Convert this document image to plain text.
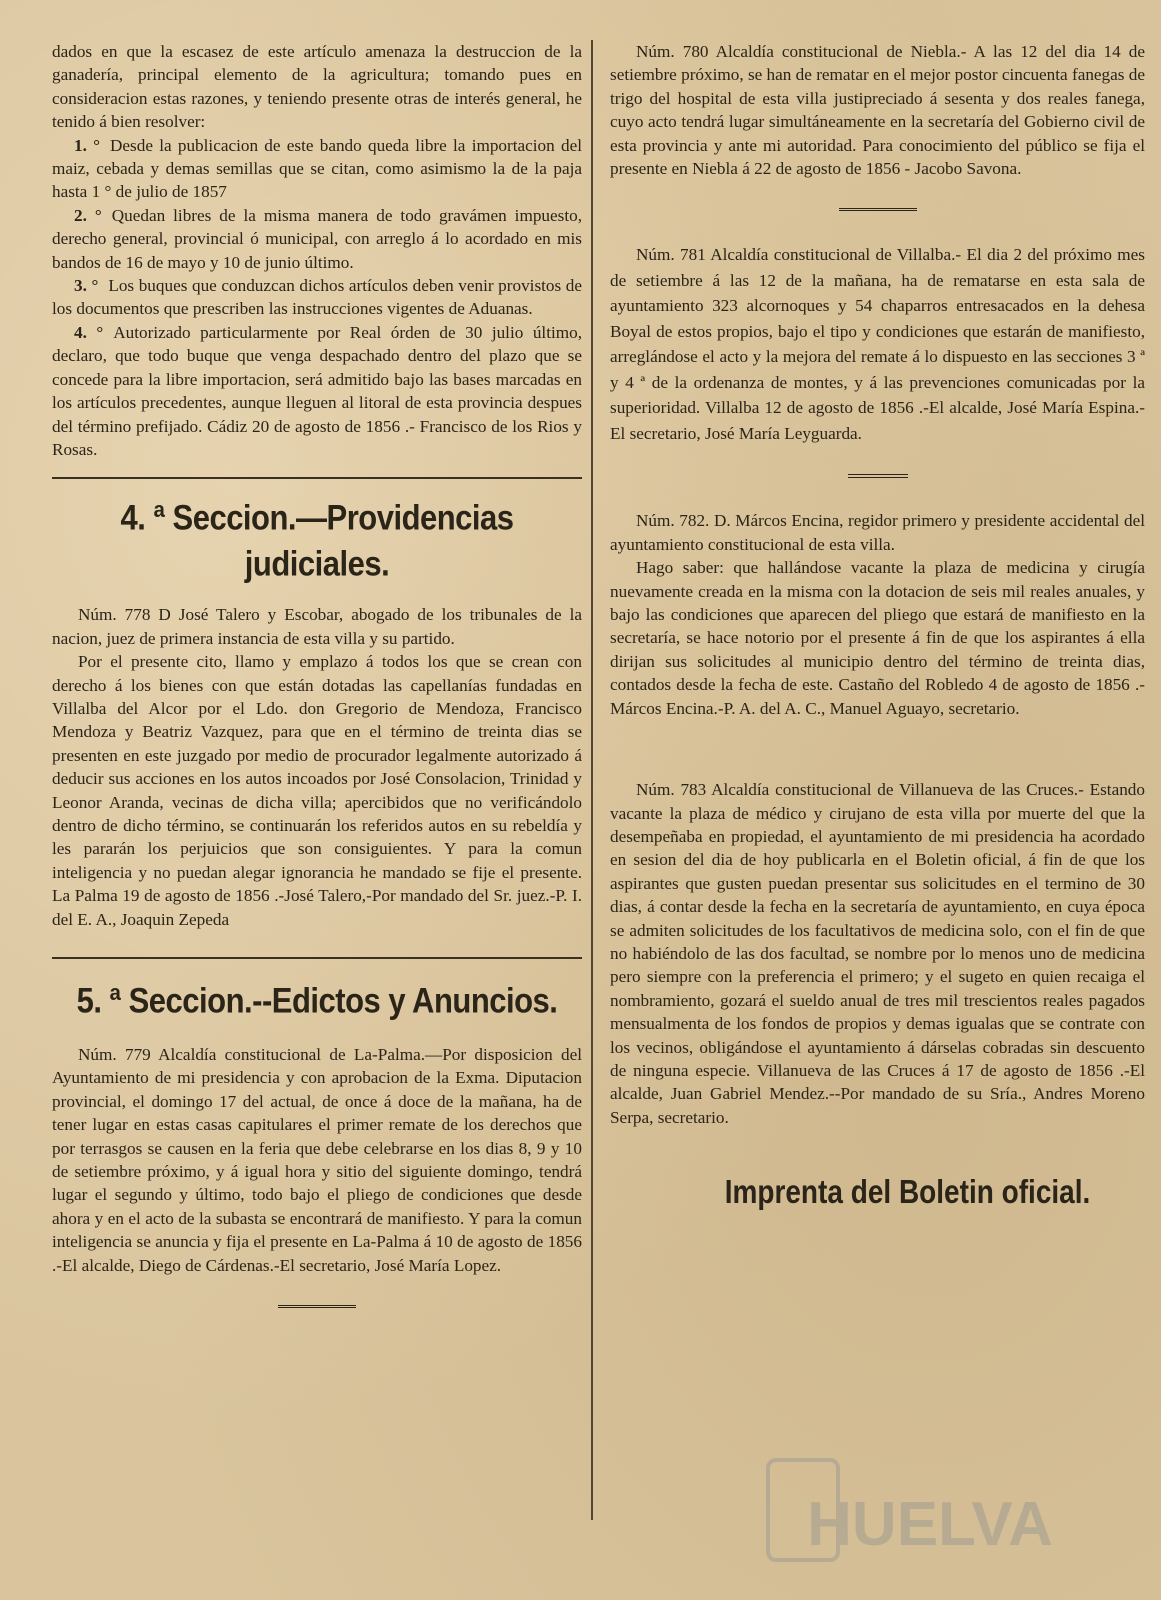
dados en que la escasez de este artículo amenaza la destruccion de la ganadería, principal elemento de la agricultura; tomando pues en consideracion estas razones, y teniendo presente otras de interés general, he tenido á bien resolver:

1. ° Desde la publicacion de este bando queda libre la importacion del maiz, cebada y demas semillas que se citan, como asimismo la de la paja hasta 1 ° de julio de 1857

2. ° Quedan libres de la misma manera de todo gravámen impuesto, derecho general, provincial ó municipal, con arreglo á lo acordado en mis bandos de 16 de mayo y 10 de junio último.

3. ° Los buques que conduzcan dichos artículos deben venir provistos de los documentos que prescriben las instrucciones vigentes de Aduanas.

4. ° Autorizado particularmente por Real órden de 30 julio último, declaro, que todo buque que venga despachado dentro del plazo que se concede para la libre importacion, será admitido bajo las bases marcadas en los artículos precedentes, aunque lleguen al litoral de esta provincia despues del término prefijado. Cádiz 20 de agosto de 1856 .- Francisco de los Rios y Rosas.

4. ª Seccion.—Providencias judiciales.

Núm. 778 D José Talero y Escobar, abogado de los tribunales de la nacion, juez de primera instancia de esta villa y su partido.

Por el presente cito, llamo y emplazo á todos los que se crean con derecho á los bienes con que están dotadas las capellanías fundadas en Villalba del Alcor por el Ldo. don Gregorio de Mendoza, Francisco Mendoza y Beatriz Vazquez, para que en el término de treinta dias se presenten en este juzgado por medio de procurador legalmente autorizado á deducir sus acciones en los autos incoados por José Consolacion, Trinidad y Leonor Aranda, vecinas de dicha villa; apercibidos que no verificándolo dentro de dicho término, se continuarán los referidos autos en su rebeldía y les pararán los perjuicios que son consiguientes. Y para la comun inteligencia y no puedan alegar ignorancia he mandado se fije el presente. La Palma 19 de agosto de 1856 .-José Talero,-Por mandado del Sr. juez.-P. I. del E. A., Joaquin Zepeda

5. ª Seccion.--Edictos y Anuncios.

Núm. 779 Alcaldía constitucional de La-Palma.—Por disposicion del Ayuntamiento de mi presidencia y con aprobacion de la Exma. Diputacion provincial, el domingo 17 del actual, de once á doce de la mañana, ha de tener lugar en estas casas capitulares el primer remate de los derechos que por terrasgos se causen en la feria que debe celebrarse en los dias 8, 9 y 10 de setiembre próximo, y á igual hora y sitio del siguiente domingo, tendrá lugar el segundo y último, todo bajo el pliego de condiciones que desde ahora y en el acto de la subasta se encontrará de manifiesto. Y para la comun inteligencia se anuncia y fija el presente en La-Palma á 10 de agosto de 1856 .-El alcalde, Diego de Cárdenas.-El secretario, José María Lopez.

Núm. 780 Alcaldía constitucional de Niebla.- A las 12 del dia 14 de setiembre próximo, se han de rematar en el mejor postor cincuenta fanegas de trigo del hospital de esta villa justipreciado á sesenta y dos reales fanega, cuyo acto tendrá lugar simultáneamente en la secretaría del Gobierno civil de esta provincia y ante mi autoridad. Para conocimiento del público se fija el presente en Niebla á 22 de agosto de 1856 - Jacobo Savona.

Núm. 781 Alcaldía constitucional de Villalba.- El dia 2 del próximo mes de setiembre á las 12 de la mañana, ha de rematarse en esta sala de ayuntamiento 323 alcornoques y 54 chaparros entresacados en la dehesa Boyal de estos propios, bajo el tipo y condiciones que estarán de manifiesto, arreglándose el acto y la mejora del remate á lo dispuesto en las secciones 3 ª y 4 ª de la ordenanza de montes, y á las prevenciones comunicadas por la superioridad. Villalba 12 de agosto de 1856 .-El alcalde, José María Espina.-El secretario, José María Leyguarda.

Núm. 782. D. Márcos Encina, regidor primero y presidente accidental del ayuntamiento constitucional de esta villa.

Hago saber: que hallándose vacante la plaza de medicina y cirugía nuevamente creada en la misma con la dotacion de seis mil reales anuales, y bajo las condiciones que aparecen del pliego que estará de manifiesto en la secretaría, se hace notorio por el presente á fin de que los aspirantes á ella dirijan sus solicitudes al municipio dentro del término de treinta dias, contados desde la fecha de este. Castaño del Robledo 4 de agosto de 1856 .-Márcos Encina.-P. A. del A. C., Manuel Aguayo, secretario.

Núm. 783 Alcaldía constitucional de Villanueva de las Cruces.- Estando vacante la plaza de médico y cirujano de esta villa por muerte del que la desempeñaba en propiedad, el ayuntamiento de mi presidencia ha acordado en sesion del dia de hoy publicarla en el Boletin oficial, á fin de que los aspirantes que gusten puedan presentar sus solicitudes en el termino de 30 dias, á contar desde la fecha en la secretaría de ayuntamiento, en cuya época se admiten solicitudes de los facultativos de medicina solo, con el fin de que no habiéndolo de las dos facultad, se nombre por lo menos uno de medicina pero siempre con la preferencia el primero; y el sugeto en quien recaiga el nombramiento, gozará el sueldo anual de tres mil trescientos reales pagados mensualmenta de los fondos de propios y demas igualas que se contrate con los vecinos, obligándose el ayuntamiento á dárselas cobradas sin descuento de ninguna especie. Villanueva de las Cruces á 17 de agosto de 1856 .-El alcalde, Juan Gabriel Mendez.--Por mandado de su Sría., Andres Moreno Serpa, secretario.

Imprenta del Boletin oficial.
HUELVA
